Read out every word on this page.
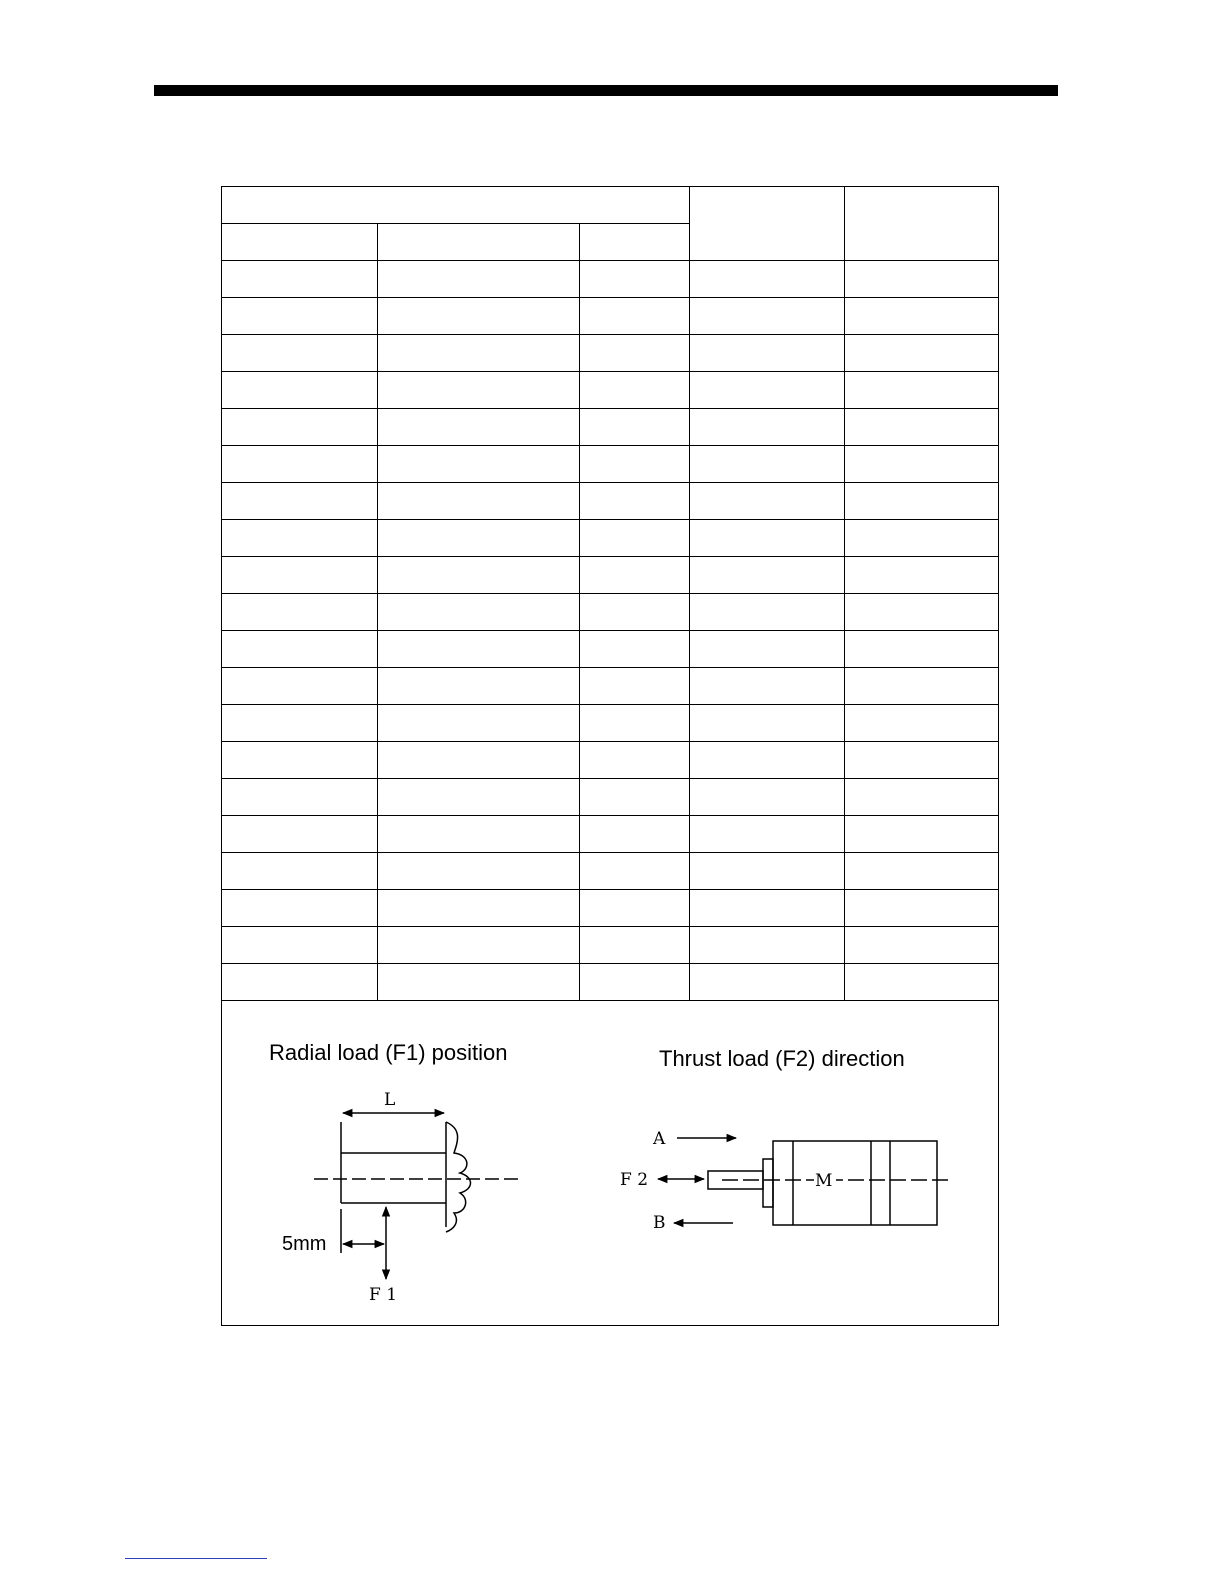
Radial load (F1) position	Thrust load (F2) direction
L
5mm
F 1
A
F 2
B
M
